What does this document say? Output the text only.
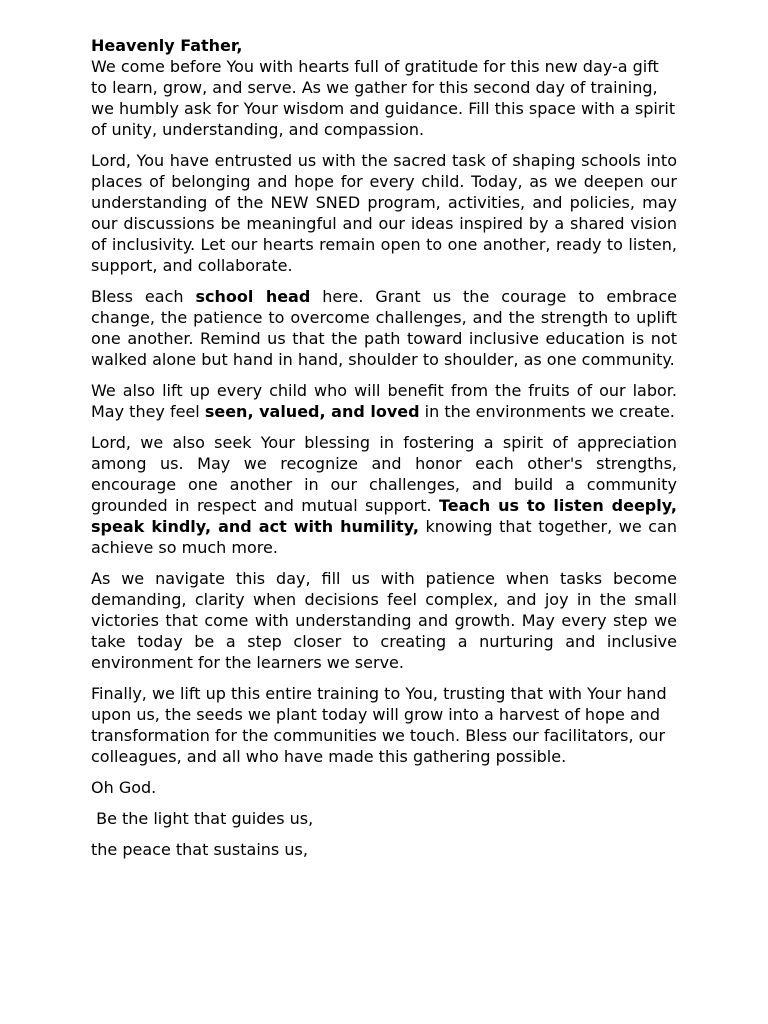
Heavenly Father,
We come before You with hearts full of gratitude for this new day-a gift to learn, grow, and serve. As we gather for this second day of training, we humbly ask for Your wisdom and guidance. Fill this space with a spirit of unity, understanding, and compassion.

Lord, You have entrusted us with the sacred task of shaping schools into places of belonging and hope for every child. Today, as we deepen our understanding of the NEW SNED program, activities, and policies, may our discussions be meaningful and our ideas inspired by a shared vision of inclusivity. Let our hearts remain open to one another, ready to listen, support, and collaborate.

Bless each school head here. Grant us the courage to embrace change, the patience to overcome challenges, and the strength to uplift one another. Remind us that the path toward inclusive education is not walked alone but hand in hand, shoulder to shoulder, as one community.

We also lift up every child who will benefit from the fruits of our labor. May they feel seen, valued, and loved in the environments we create.

Lord, we also seek Your blessing in fostering a spirit of appreciation among us. May we recognize and honor each other's strengths, encourage one another in our challenges, and build a community grounded in respect and mutual support. Teach us to listen deeply, speak kindly, and act with humility, knowing that together, we can achieve so much more.

As we navigate this day, fill us with patience when tasks become demanding, clarity when decisions feel complex, and joy in the small victories that come with understanding and growth. May every step we take today be a step closer to creating a nurturing and inclusive environment for the learners we serve.

Finally, we lift up this entire training to You, trusting that with Your hand upon us, the seeds we plant today will grow into a harvest of hope and transformation for the communities we touch. Bless our facilitators, our colleagues, and all who have made this gathering possible.

Oh God.

Be the light that guides us,

the peace that sustains us,
